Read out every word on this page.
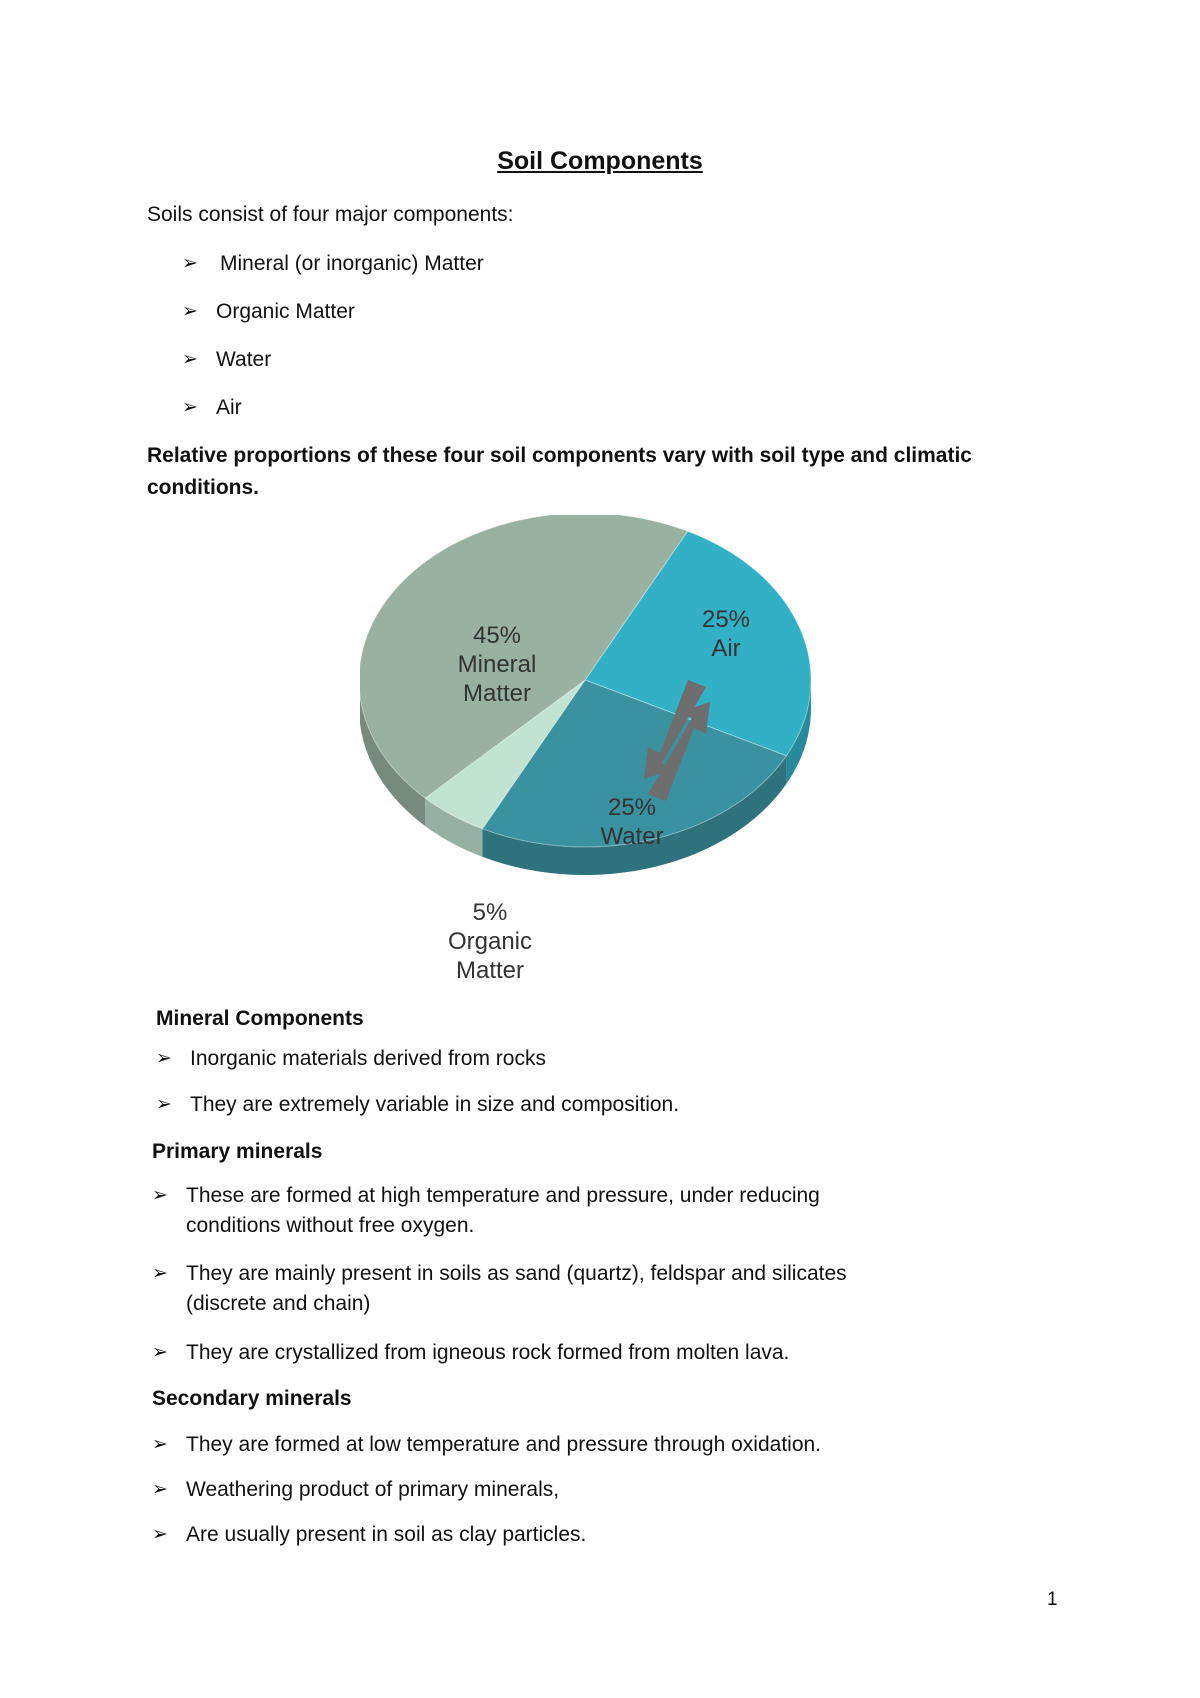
Soil Components
Soils consist of four major components:
➢	Mineral (or inorganic) Matter
➢ Organic Matter
➢ Water
➢ Air
Relative proportions of these four soil components vary with soil type and climatic
conditions.
45%
Mineral
Matter
25%
Air
25%
Water
5%
Organic
Matter
Mineral Components
➢ Inorganic materials derived from rocks
➢ They are extremely variable in size and composition.
Primary minerals
➢ These are formed at high temperature and pressure, under reducing
conditions without free oxygen.
➢ They are mainly present in soils as sand (quartz), feldspar and silicates
(discrete and chain)
➢ They are crystallized from igneous rock formed from molten lava.
Secondary minerals
➢ They are formed at low temperature and pressure through oxidation.
➢ Weathering product of primary minerals,
➢ Are usually present in soil as clay particles.
1
